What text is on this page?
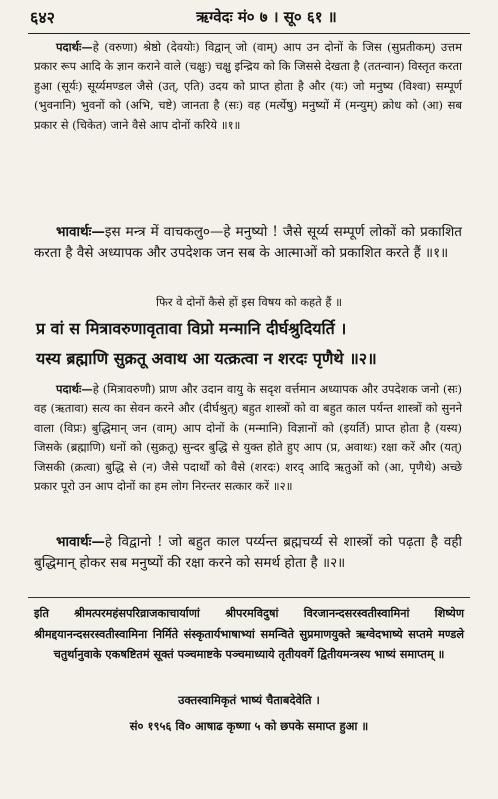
६४२	ऋग्वेदः मं० ७ । सू० ६१ ॥

पदार्थः—हे (वरुणा) श्रेष्ठो (देवयोः) विद्वान् जो (वाम्) आप उन दोनों के जिस (सुप्रतीकम्) उत्तम प्रकार रूप आदि के ज्ञान कराने वाले (चक्षुः) चक्षु इन्द्रिय को कि जिससे देखता है (ततन्वान) विस्तृत करता हुआ (सूर्यः) सूर्य्यमण्डल जैसे (उत्, एति) उदय को प्राप्त होता है और (यः) जो मनुष्य (विश्वा) सम्पूर्ण (भुवनानि) भुवनों को (अभि, चष्टे) जानता है (सः) वह (मर्त्येषु) मनुष्यों में (मन्युम्) क्रोध को (आ) सब प्रकार से (चिकेत) जाने वैसे आप दोनों करिये ॥१॥

भावार्थः—इस मन्त्र में वाचकलु०—हे मनुष्यो ! जैसे सूर्य्य सम्पूर्ण लोकों को प्रकाशित करता है वैसे अध्यापक और उपदेशक जन सब के आत्माओं को प्रकाशित करते हैं ॥१॥

फिर वे दोनों कैसे हों इस विषय को कहते हैं ॥
प्र वां स मित्रावरुणावृतावा विप्रो मन्मानि दीर्घश्रुदियर्ति ।
यस्य ब्रह्माणि सुक्रतू अवाथ आ यत्क्रत्वा न शरदः पृणैथे ॥२॥

पदार्थः—हे (मित्रावरुणौ) प्राण और उदान वायु के सदृश वर्त्तमान अध्यापक और उपदेशक जनो (सः) वह (ऋतावा) सत्य का सेवन करने और (दीर्घश्रुत्) बहुत शास्त्रों को वा बहुत काल पर्यन्त शास्त्रों को सुनने वाला (विप्रः) बुद्धिमान् जन (वाम्) आप दोनों के (मन्मानि) विज्ञानों को (इयर्ति) प्राप्त होता है (यस्य) जिसके (ब्रह्माणि) धनों को (सुक्रतू) सुन्दर बुद्धि से युक्त होते हुए आप (प्र, अवाथः) रक्षा करें और (यत्) जिसकी (क्रत्वा) बुद्धि से (न) जैसे पदार्थों को वैसे (शरदः) शरद् आदि ऋतुओं को (आ, पृणैथे) अच्छे प्रकार पूरो उन आप दोनों का हम लोग निरन्तर सत्कार करें ॥२॥

भावार्थः—हे विद्वानो ! जो बहुत काल पर्य्यन्त ब्रह्मचर्य्य से शास्त्रों को पढ़ता है वही बुद्धिमान् होकर सब मनुष्यों की रक्षा करने को समर्थ होता है ॥२॥

इति श्रीमत्परमहंसपरिव्राजकाचार्याणां श्रीपरमविदुषां विरजानन्दसरस्वतीस्वामिनां शिष्येण श्रीमद्दयानन्दसरस्वतीस्वामिना निर्मिते संस्कृतार्यभाषाभ्यां समन्विते सुप्रमाणयुक्ते ऋग्वेदभाष्ये सप्तमे मण्डले चतुर्थानुवाके एकषष्टितमं सूक्तं पञ्चमाष्टके पञ्चमाध्याये तृतीयवर्गे द्वितीयमन्त्रस्य भाष्यं समाप्तम् ॥

उक्तस्वामिकृतं भाष्यं चैताबदेवेति ।
सं० १९५६ वि० आषाढ कृष्णा ५ को छपके समाप्त हुआ ॥
